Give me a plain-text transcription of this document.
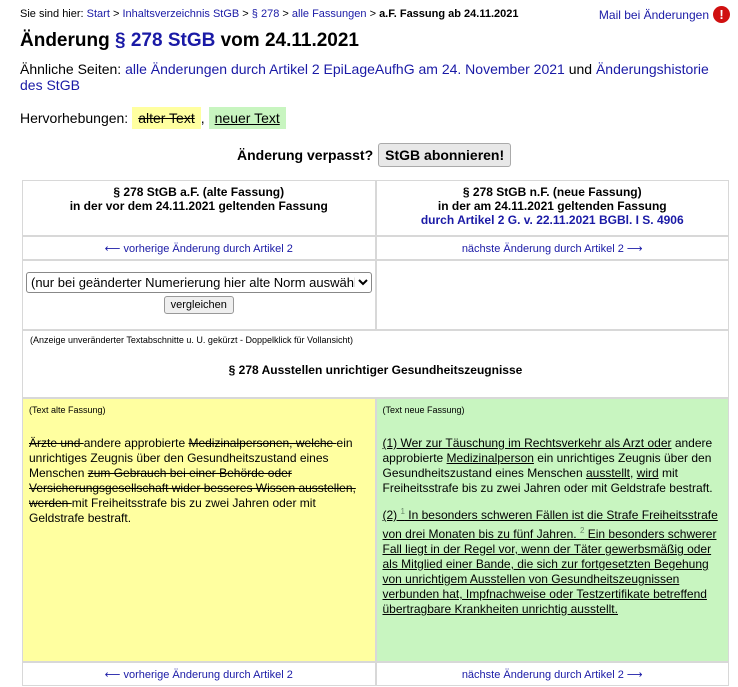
Sie sind hier: Start > Inhaltsverzeichnis StGB > § 278 > alle Fassungen > a.F. Fassung ab 24.11.2021	Mail bei Änderungen !
Änderung § 278 StGB vom 24.11.2021
Ähnliche Seiten: alle Änderungen durch Artikel 2 EpiLageAufhG am 24. November 2021 und Änderungshistorie des StGB
Hervorhebungen: alter Text , neuer Text
Änderung verpasst? StGB abonnieren!
§ 278 StGB a.F. (alte Fassung)
in der vor dem 24.11.2021 geltenden Fassung
§ 278 StGB n.F. (neue Fassung)
in der am 24.11.2021 geltenden Fassung
durch Artikel 2 G. v. 22.11.2021 BGBl. I S. 4906
⟵ vorherige Änderung durch Artikel 2	nächste Änderung durch Artikel 2 ⟶
(nur bei geänderter Numerierung hier alte Norm auswählen)
vergleichen
(Anzeige unveränderter Textabschnitte u. U. gekürzt - Doppelklick für Vollansicht)
§ 278 Ausstellen unrichtiger Gesundheitszeugnisse
(Text alte Fassung)

Ärzte und andere approbierte Medizinalpersonen, welche ein unrichtiges Zeugnis über den Gesundheitszustand eines Menschen zum Gebrauch bei einer Behörde oder Versicherungsgesellschaft wider besseres Wissen ausstellen, werden mit Freiheitsstrafe bis zu zwei Jahren oder mit Geldstrafe bestraft.

(Text neue Fassung)

(1) Wer zur Täuschung im Rechtsverkehr als Arzt oder andere approbierte Medizinalperson ein unrichtiges Zeugnis über den Gesundheitszustand eines Menschen ausstellt, wird mit Freiheitsstrafe bis zu zwei Jahren oder mit Geldstrafe bestraft.

(2) $^1$ In besonders schweren Fällen ist die Strafe Freiheitsstrafe von drei Monaten bis zu fünf Jahren. $^2$ Ein besonders schwerer Fall liegt in der Regel vor, wenn der Täter gewerbsmäßig oder als Mitglied einer Bande, die sich zur fortgesetzten Begehung von unrichtigem Ausstellen von Gesundheitszeugnissen verbunden hat, Impfnachweise oder Testzertifikate betreffend übertragbare Krankheiten unrichtig ausstellt.

⟵ vorherige Änderung durch Artikel 2	nächste Änderung durch Artikel 2 ⟶
